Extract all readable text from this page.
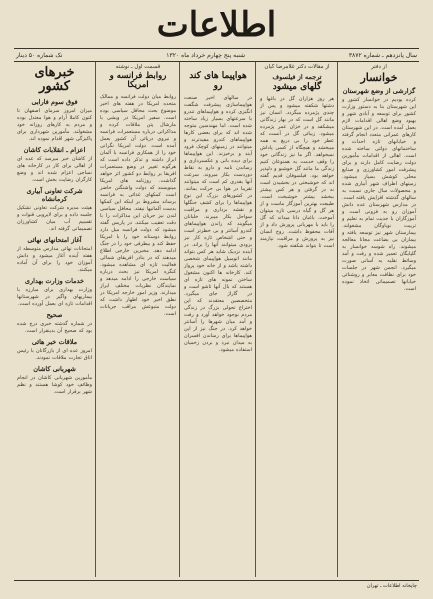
اطلاعات
سال پانزدهم ـ شماره ۳۸۷۲
شنبه پنج چهارم خرداد ماه ۱۳۲۰
تک شماره ۵۰ دینار
از دفتر
خوانسار
گزارشی از وضع شهرستان
کرده بودیم در خوانسار کشور و این شهرستان بنا به دستور وزارت کشور برای توسعه و آبادی شهر و بهبود وضع اهالی اقدامات لازم بعمل آمده است. در این شهرستان کارهای عمرانی متعدد انجام گرفته و خیابانهای تازه احداث و ساختمانهای دولتی ساخته شده است. اهالی از اقدامات مأمورین دولت رضایت کامل دارند و برای پیشرفت امور کشاورزی و صنایع محلی کوشش بسیار میشود. زمینهای اطراف شهر آبیاری شده و محصولات سال جاری نسبت به سالهای گذشته افزایش یافته است. در مدارس شهرستان عده دانش آموزان رو به فزونی است و آموزگاران با جدیت تمام به تعلیم و تربیت نوباوگان مشغولند. بیمارستان شهر نیز توسعه یافته و بیماران بی بضاعت مجانا معالجه میشوند. راه شوسه خوانسار به گلپایگان تعمیر شده و رفت و آمد وسائط نقلیه به آسانی صورت میگیرد. انجمن شهر در جلسات خود برای نظافت معابر و روشنائی خیابانها تصمیماتی اتخاذ نموده است.
از مقالات دکتر غلامرضا کیان
ترجمه از فیلسوف
گلهای میشود
هر روز هزاران گل در باغها و دشتها شکفته میشود و پس از چندی پژمرده میگردد. انسان نیز مانند گل است که در بهار زندگانی میشکفد و در خزان عمر پژمرده میشود. زیبائی گل در آنست که عطر خود را بی دریغ به همه میبخشد و هیچگاه از کسی پاداش نمیخواهد. اگر ما نیز زندگانی خود را وقف خدمت به همنوعان کنیم زندگی ما مانند گل خوشبو و دلپذیر خواهد بود. فیلسوفان قدیم گفته اند که خوشبختی در بخشیدن است نه در گرفتن و هر کس بیشتر ببخشد بیشتر خوشبخت است. طبیعت بهترین آموزگار ماست و از هر گل و گیاه درسی تازه میتوان آموخت. باغبان دانا میداند که گل را باید با مهربانی پرورش داد و از آفات محفوظ داشت. روح انسان نیز به پرورش و مراقبت نیازمند است تا بتواند شکفته شود.
هواپیما های کند رو
در سالهای اخیر صنعت هواپیماسازی پیشرفت شگفت انگیزی کرده و هواپیماهای تندرو با سرعتهای بسیار زیاد ساخته شده است. اما مهندسین متوجه شده اند که برای بعضی کارها هواپیماهای کندرو مفیدترند و میتوانند در زمینهای کوچک فرود آیند و برخیزند. این هواپیماها برای دیده بانی و عکسبرداری و رساندن نامه و دارو به نقاط دوردست بکار میروند. سرعت آنها بقدری کم است که میتوانند تقریبا در هوا بی حرکت بمانند. در کشورهای بزرگ این نوع هواپیماها را برای کشف جنگلها و نقشه برداری و مراقبت سواحل بکار میبرند. خلبانان میگویند که راندن هواپیماهای کندرو آسانتر و بی خطرتر است و حتی اشخاص تازه کار نیز بزودی میتوانند آنها را براند. در آینده نزدیک شاید هر کس بتواند مانند اتومبیل هواپیمای شخصی داشته باشد و از خانه خود پرواز کند. کارخانه ها اکنون مشغول ساختن نمونه های تازه ای هستند که بال آنها تاشو است و در گاراژ جای میگیرد. متخصصین معتقدند که این اختراع تحولی بزرگ در زندگی مردم بوجود خواهد آورد و رفت و آمد میان شهرها را آسانتر خواهد کرد. در جنگ نیز از این هواپیماها برای رساندن افسران به میدان نبرد و بردن زخمیان استفاده میشود.
قسمت اول ـ نوشته
روابط فرانسه و امریکا
روابط میان دولت فرانسه و ممالک متحده امریکا در هفته های اخیر موضوع بحث محافل سیاسی بوده است. سفیر امریکا در ویشی با مارشال پتن ملاقات کرده و مذاکراتی درباره مستعمرات فرانسه و نیروی دریائی آن کشور بعمل آمده است. دولت امریکا نگرانی خود را از همکاری فرانسه با آلمان ابراز داشته و تذکر داده است که هرگونه تغییر در وضع مستعمرات افریقا بر روابط دو کشور اثر خواهد گذاشت. روزنامه های امریکا مینویسند که دولت واشنگتن حاضر است کمکهای غذائی به فرانسه برساند مشروط بر اینکه این کمکها بدست آلمانیها نیفتد. محافل سیاسی لندن نیز جریان این مذاکرات را با دقت تعقیب میکنند. در پاریس گفته میشود که دولت فرانسه میل دارد روابط دوستانه خود را با امریکا حفظ کند و بیطرفی خود را در جنگ ادامه دهد. مخبرین خارجی اطلاع میدهند که در بنادر افریقای شمالی فعالیت تازه ای مشاهده میشود. کنگره امریکا نیز بحث درباره سیاست خارجی را ادامه میدهد و نمایندگان نظریات مختلف ابراز میدارند. وزیر امور خارجه امریکا در نطق اخیر خود اظهار داشت که دولت متبوعش مراقب جریانات است.
خبرهای کشور
فوق سوم فارابی
میزان امروز سرمای اصفهان تا کنون کاملا آرام و هوا معتدل بوده و مردم به کارهای روزانه خود مشغولند. مأمورین شهرداری برای پاکیزگی شهر اقدام نموده اند.
اعزام ـ انقلابات کاشان
از کاشان خبر میرسد که عده ای از اهالی برای کار در کارخانه های نساجی اعزام شده اند و وضع کارگران رضایت بخش است.
شرکت تعاونی آبیاری کرمانشاه
هیئت مدیره شرکت تعاونی تشکیل جلسه داده و برای لایروبی قنوات و تقسیم آب میان کشاورزان تصمیماتی گرفته اند.
آغاز امتحانهای نهائی
امتحانات نهائی مدارس متوسطه از هفته آینده آغاز میشود و دانش آموزان خود را برای آن آماده میکنند.
خدمات وزارت بهداری
وزارت بهداری برای مبارزه با بیماریهای واگیر در شهرستانها اقدامات تازه ای بعمل آورده است.
صحیح
در شماره گذشته خبری درج شده بود که صحیح آن بدینقرار است.
ملاقات خبر هائی
امروز عده ای از بازرگانان با رئیس اتاق تجارت ملاقات نمودند.
شهربانی کاشان
مأمورین شهربانی کاشان در انجام وظائف خود کوشا هستند و نظم شهر برقرار است.
چاپخانه اطلاعات ـ تهران
